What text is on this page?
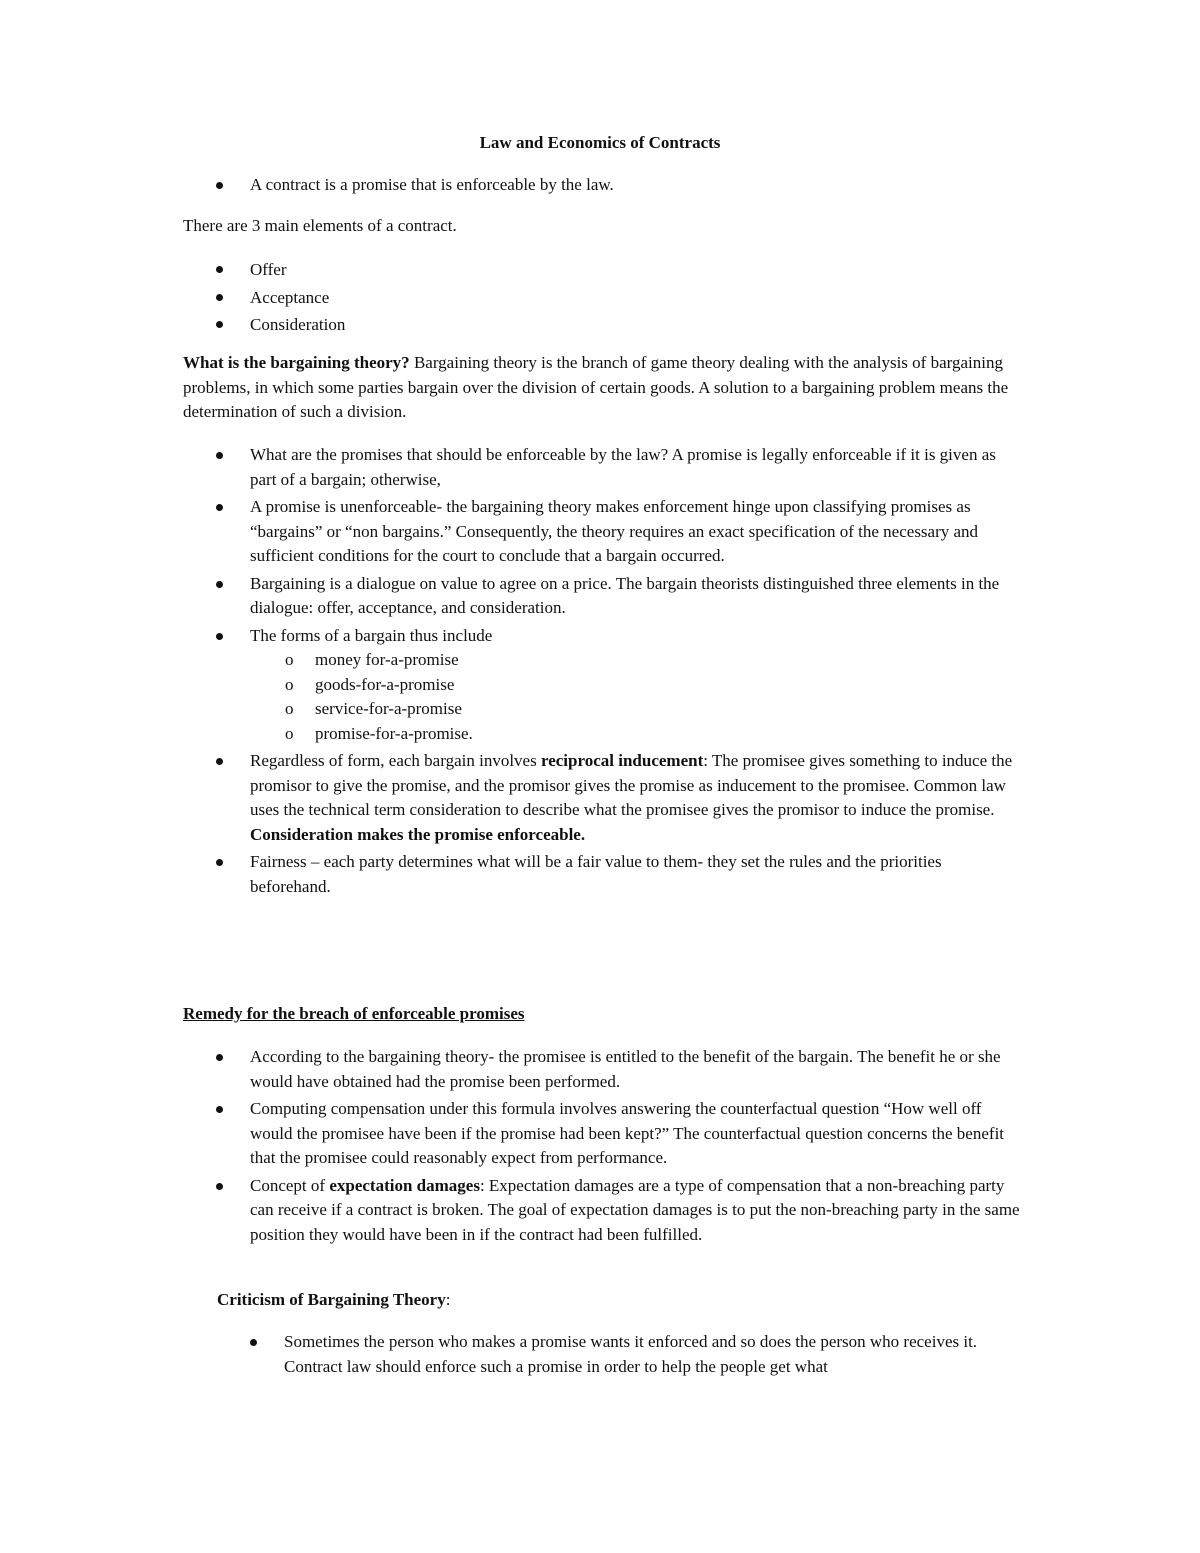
Law and Economics of Contracts
A contract is a promise that is enforceable by the law.

There are 3 main elements of a contract.

Offer
Acceptance
Consideration

What is the bargaining theory? Bargaining theory is the branch of game theory dealing with the analysis of bargaining problems, in which some parties bargain over the division of certain goods. A solution to a bargaining problem means the determination of such a division.

What are the promises that should be enforceable by the law? A promise is legally enforceable if it is given as part of a bargain; otherwise,
A promise is unenforceable- the bargaining theory makes enforcement hinge upon classifying promises as “bargains” or “non bargains.” Consequently, the theory requires an exact specification of the necessary and sufficient conditions for the court to conclude that a bargain occurred.
Bargaining is a dialogue on value to agree on a price. The bargain theorists distinguished three elements in the dialogue: offer, acceptance, and consideration.
The forms of a bargain thus include
o money for-a-promise
o goods-for-a-promise
o service-for-a-promise
o promise-for-a-promise.
Regardless of form, each bargain involves reciprocal inducement: The promisee gives something to induce the promisor to give the promise, and the promisor gives the promise as inducement to the promisee. Common law uses the technical term consideration to describe what the promisee gives the promisor to induce the promise. Consideration makes the promise enforceable.
Fairness – each party determines what will be a fair value to them- they set the rules and the priorities beforehand.

Remedy for the breach of enforceable promises

According to the bargaining theory- the promisee is entitled to the benefit of the bargain. The benefit he or she would have obtained had the promise been performed.
Computing compensation under this formula involves answering the counterfactual question “How well off would the promisee have been if the promise had been kept?” The counterfactual question concerns the benefit that the promisee could reasonably expect from performance.
Concept of expectation damages: Expectation damages are a type of compensation that a non-breaching party can receive if a contract is broken. The goal of expectation damages is to put the non-breaching party in the same position they would have been in if the contract had been fulfilled.

Criticism of Bargaining Theory:

Sometimes the person who makes a promise wants it enforced and so does the person who receives it. Contract law should enforce such a promise in order to help the people get what
